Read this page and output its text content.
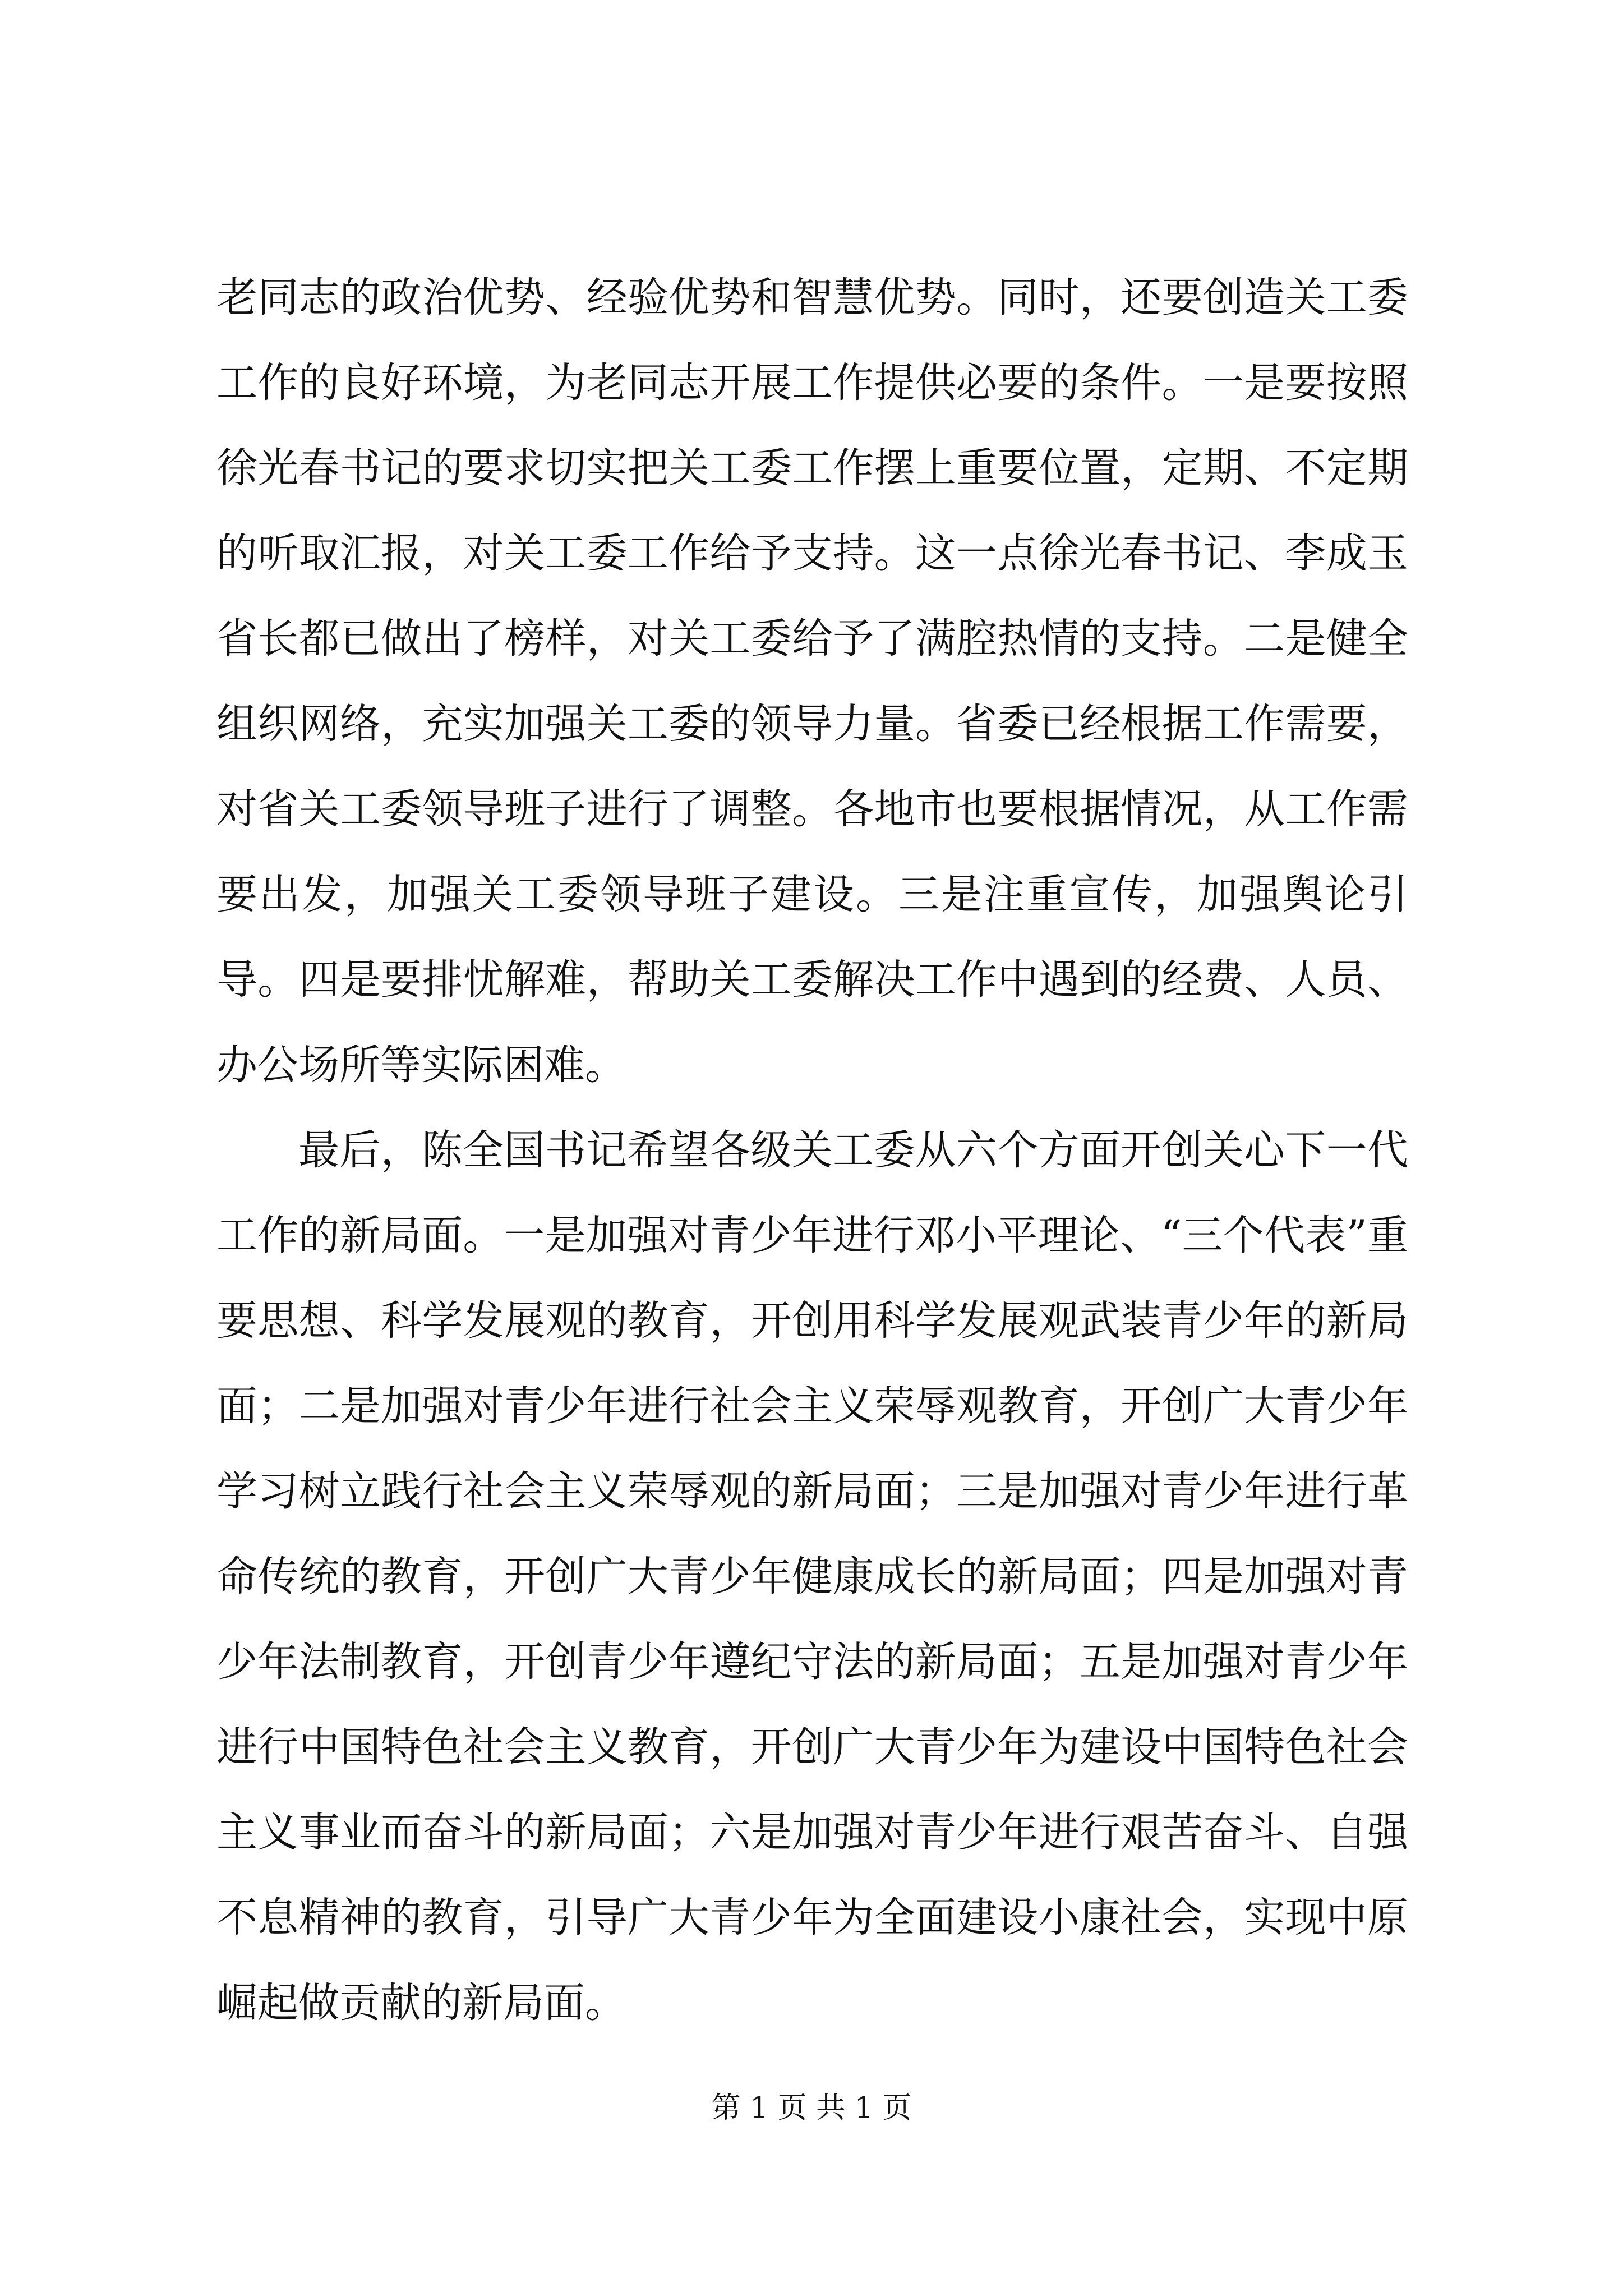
老同志的政治优势、经验优势和智慧优势。同时，还要创造关工委工作的良好环境，为老同志开展工作提供必要的条件。一是要按照徐光春书记的要求切实把关工委工作摆上重要位置，定期、不定期的听取汇报，对关工委工作给予支持。这一点徐光春书记、李成玉省长都已做出了榜样，对关工委给予了满腔热情的支持。二是健全组织网络，充实加强关工委的领导力量。省委已经根据工作需要，对省关工委领导班子进行了调整。各地市也要根据情况，从工作需要出发，加强关工委领导班子建设。三是注重宣传，加强舆论引导。四是要排忧解难，帮助关工委解决工作中遇到的经费、人员、办公场所等实际困难。

最后，陈全国书记希望各级关工委从六个方面开创关心下一代工作的新局面。一是加强对青少年进行邓小平理论、“三个代表”重要思想、科学发展观的教育，开创用科学发展观武装青少年的新局面；二是加强对青少年进行社会主义荣辱观教育，开创广大青少年学习树立践行社会主义荣辱观的新局面；三是加强对青少年进行革命传统的教育，开创广大青少年健康成长的新局面；四是加强对青少年法制教育，开创青少年遵纪守法的新局面；五是加强对青少年进行中国特色社会主义教育，开创广大青少年为建设中国特色社会主义事业而奋斗的新局面；六是加强对青少年进行艰苦奋斗、自强不息精神的教育，引导广大青少年为全面建设小康社会，实现中原崛起做贡献的新局面。

第 1 页 共 1 页
